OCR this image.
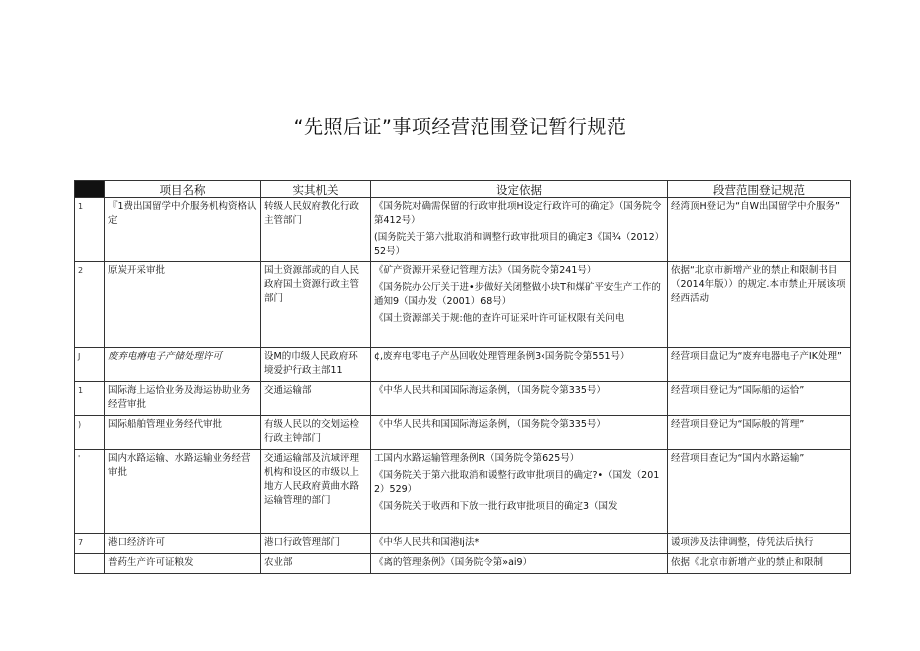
“先照后证”事项经营范围登记暂行规范
	项目名称	实其机关	设定依据	段营范围登记规范
1	『1费出国留学中介服务机构资格认定	转级人民奴府教化行政主管部门	《国务院对确需保留的行政审批项H设定行政许可的确定》（国务院令第412号）

(国务院关于第六批取消和调整行政审批项目的确定3《国¾（2012）52号）	经湾顶H登记为“自W出国留学中介服务”
2	原炭开采审批	国土资源部或的自人民政府国土资源行政主管部门	《矿产资源开采登记管理方法》（国务院令第241号）

《国务院办公厅关于进•步做好关闭整做小块T和煤矿平安生产工作的通知9（国办发（2001）68号）

《国土资源部关于规:他的查许可证采叶许可证权限有关问电	依据“北京市新增产业的禁止和限制书目（2014年版））的规定.本市禁止开展该项经西活动
J	废弃电瘠电子产储处理许可	设M的巾级人民政府环境爱护行政主部11	¢,废弃电零电子产丛回收处理管理条例3‹国务院令第551号）	经营项目盘记为“废弃电器电子产IK处理”
1	国际海上运恰业务及海运协助业务经营审批	交通运输部	《中华人民共和国国际海运条例，（国务院令第335号）	经营项目登记为“国际船的运恰”
)	国际船舶管理业务经代审批	有级人民以的交划运检行政主钟部门	《中华人民共和国国际海运条例，（国务院令第335号）	经营项目登记为“国际般的筲理”
'	国内水路运输、水路运输业务经营审批	交通运输部及沆域评理机构和设区的市级以上地方人民政府黄曲水路运输管理的部门	工国内水路运输管理条例R（国务院令第625号）

《国务院关于第六批取消和谖整行政审批项目的确定?•（国发（2012）529）

《国务院关于收西和下放一批行政审批项目的确定3（国发	经营项目查记为“国内水路运输”
7	港口经济许可	港口行政管理部门	《中华人民共和国港Ij法*	谖项涉及法律调整，侍凭法后执行
	普药生产许可证粮发	农业部	《离的管理条例》（国务院令第»ai9）	依据《北京市新增产业的禁止和限制
